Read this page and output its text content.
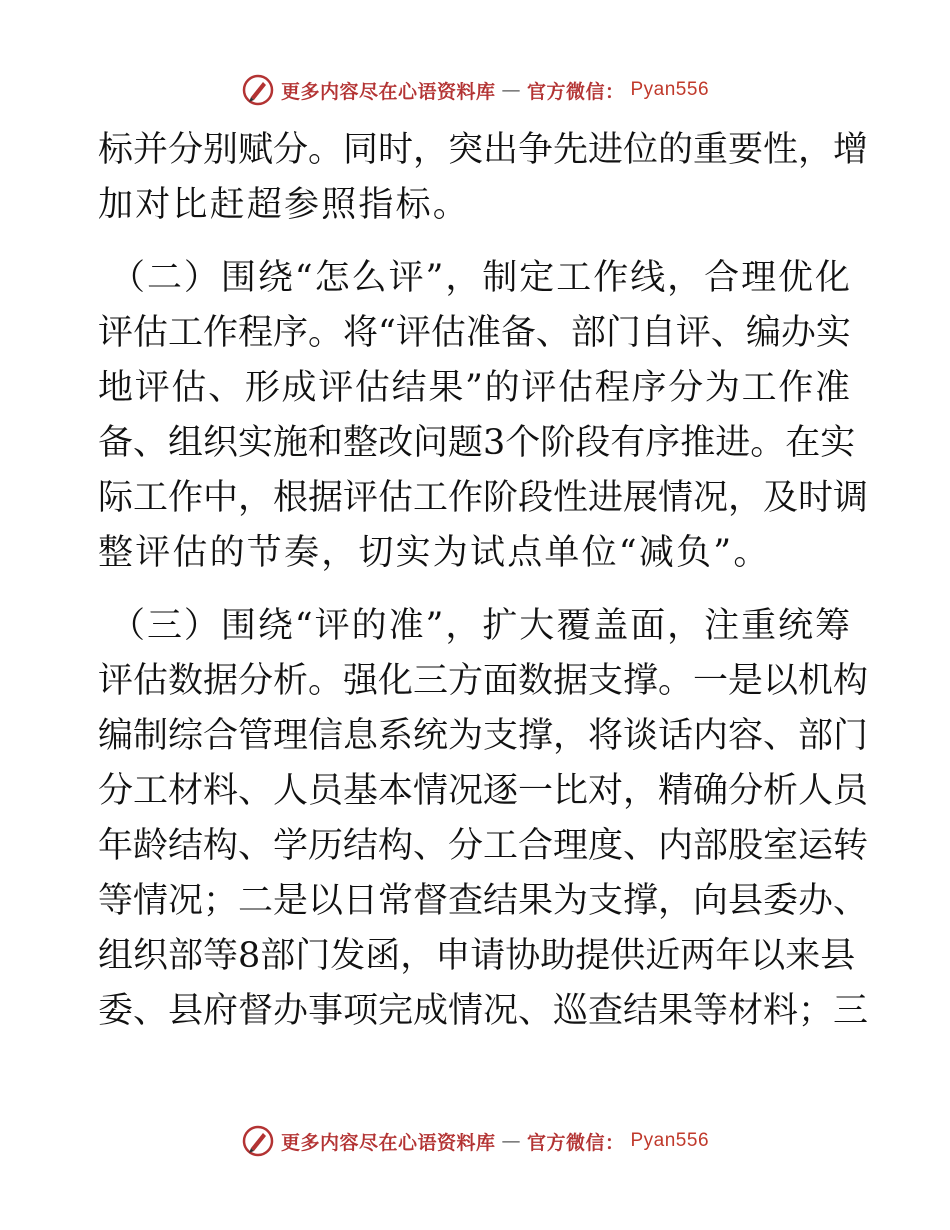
更多内容尽在心语资料库 — 官方微信： Pyan556
标并分别赋分。同时，突出争先进位的重要性，增
加对比赶超参照指标。
（二）围绕“怎么评”，制定工作线，合理优化
评估工作程序。将“评估准备、部门自评、编办实
地评估、形成评估结果”的评估程序分为工作准
备、组织实施和整改问题3个阶段有序推进。在实
际工作中，根据评估工作阶段性进展情况，及时调
整评估的节奏，切实为试点单位“减负”。
（三）围绕“评的准”，扩大覆盖面，注重统筹
评估数据分析。强化三方面数据支撑。一是以机构
编制综合管理信息系统为支撑，将谈话内容、部门
分工材料、人员基本情况逐一比对，精确分析人员
年龄结构、学历结构、分工合理度、内部股室运转
等情况；二是以日常督查结果为支撑，向县委办、
组织部等8部门发函，申请协助提供近两年以来县
委、县府督办事项完成情况、巡查结果等材料；三
更多内容尽在心语资料库 — 官方微信： Pyan556
